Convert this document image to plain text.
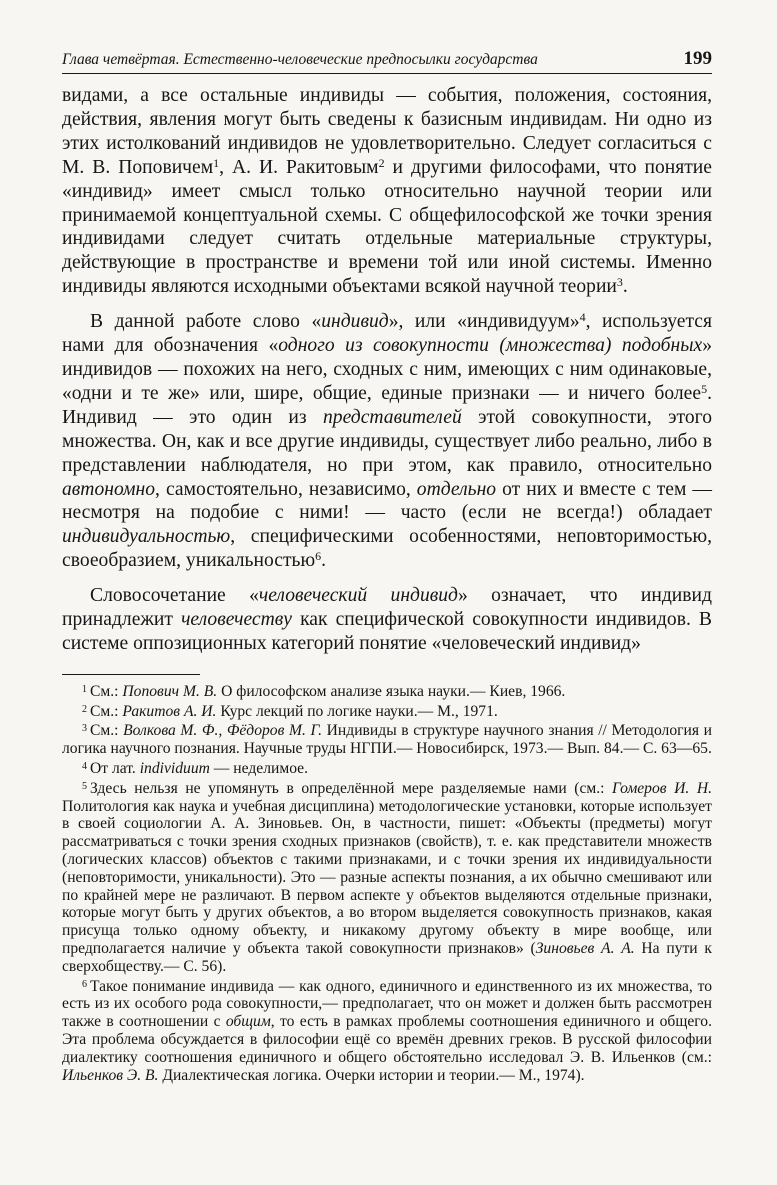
Глава четвёртая. Естественно-человеческие предпосылки государства	199

видами, а все остальные индивиды — события, положения, состояния, действия, явления могут быть сведены к базисным индивидам. Ни одно из этих истолкований индивидов не удовлетворительно. Следует согласиться с М. В. Поповичем$^1$, А. И. Ракитовым$^2$ и другими философами, что понятие «индивид» имеет смысл только относительно научной теории или принимаемой концептуальной схемы. С общефилософской же точки зрения индивидами следует считать отдельные материальные структуры, действующие в пространстве и времени той или иной системы. Именно индивиды являются исходными объектами всякой научной теории$^3$.

В данной работе слово «индивид», или «индивидуум»$^4$, используется нами для обозначения «одного из совокупности (множества) подобных» индивидов — похожих на него, сходных с ним, имеющих с ним одинаковые, «одни и те же» или, шире, общие, единые признаки — и ничего более$^5$. Индивид — это один из представителей этой совокупности, этого множества. Он, как и все другие индивиды, существует либо реально, либо в представлении наблюдателя, но при этом, как правило, относительно автономно, самостоятельно, независимо, отдельно от них и вместе с тем — несмотря на подобие с ними! — часто (если не всегда!) обладает индивидуальностью, специфическими особенностями, неповторимостью, своеобразием, уникальностью$^6$.

Словосочетание «человеческий индивид» означает, что индивид принадлежит человечеству как специфической совокупности индивидов. В системе оппозиционных категорий понятие «человеческий индивид»

$^1$ См.: Попович М. В. О философском анализе языка науки.— Киев, 1966.

$^2$ См.: Ракитов А. И. Курс лекций по логике науки.— М., 1971.

$^3$ См.: Волкова М. Ф., Фёдоров М. Г. Индивиды в структуре научного знания // Методология и логика научного познания. Научные труды НГПИ.— Новосибирск, 1973.— Вып. 84.— С. 63—65.

$^4$ От лат. individuum — неделимое.

$^5$ Здесь нельзя не упомянуть в определённой мере разделяемые нами (см.: Гомеров И. Н. Политология как наука и учебная дисциплина) методологические установки, которые использует в своей социологии А. А. Зиновьев. Он, в частности, пишет: «Объекты (предметы) могут рассматриваться с точки зрения сходных признаков (свойств), т. е. как представители множеств (логических классов) объектов с такими признаками, и с точки зрения их индивидуальности (неповторимости, уникальности). Это — разные аспекты познания, а их обычно смешивают или по крайней мере не различают. В первом аспекте у объектов выделяются отдельные признаки, которые могут быть у других объектов, а во втором выделяется совокупность признаков, какая присуща только одному объекту, и никакому другому объекту в мире вообще, или предполагается наличие у объекта такой совокупности признаков» (Зиновьев А. А. На пути к сверхобществу.— С. 56).

$^6$ Такое понимание индивида — как одного, единичного и единственного из их множества, то есть из их особого рода совокупности,— предполагает, что он может и должен быть рассмотрен также в соотношении с общим, то есть в рамках проблемы соотношения единичного и общего. Эта проблема обсуждается в философии ещё со времён древних греков. В русской философии диалектику соотношения единичного и общего обстоятельно исследовал Э. В. Ильенков (см.: Ильенков Э. В. Диалектическая логика. Очерки истории и теории.— М., 1974).
